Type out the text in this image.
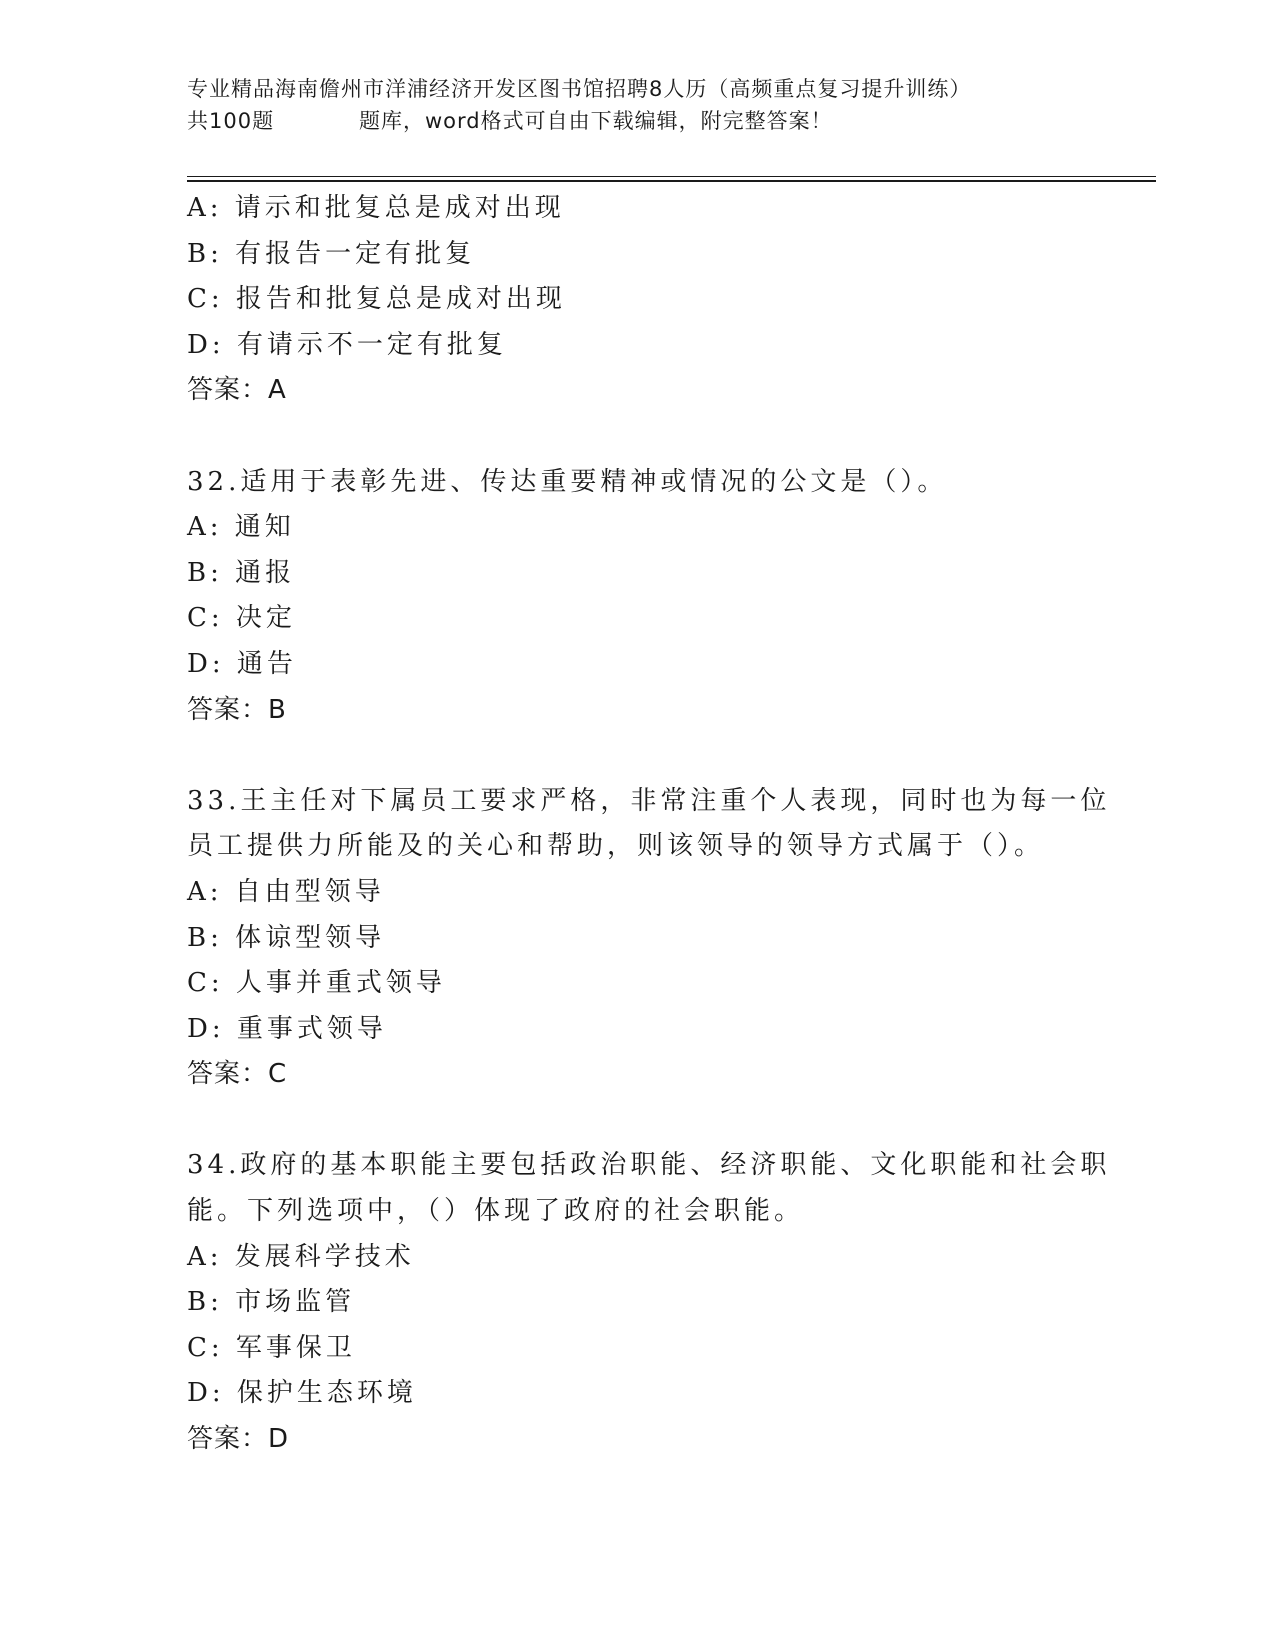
专业精品海南儋州市洋浦经济开发区图书馆招聘8人历（高频重点复习提升训练）
共100题	题库，word格式可自由下载编辑，附完整答案！
A: 请示和批复总是成对出现
B: 有报告一定有批复
C: 报告和批复总是成对出现
D: 有请示不一定有批复
答案：A
32.适用于表彰先进、传达重要精神或情况的公文是（）。
A: 通知
B: 通报
C: 决定
D: 通告
答案：B
33.王主任对下属员工要求严格，非常注重个人表现，同时也为每一位
员工提供力所能及的关心和帮助，则该领导的领导方式属于（）。
A: 自由型领导
B: 体谅型领导
C: 人事并重式领导
D: 重事式领导
答案：C
34.政府的基本职能主要包括政治职能、经济职能、文化职能和社会职
能。下列选项中，（）体现了政府的社会职能。
A: 发展科学技术
B: 市场监管
C: 军事保卫
D: 保护生态环境
答案：D
